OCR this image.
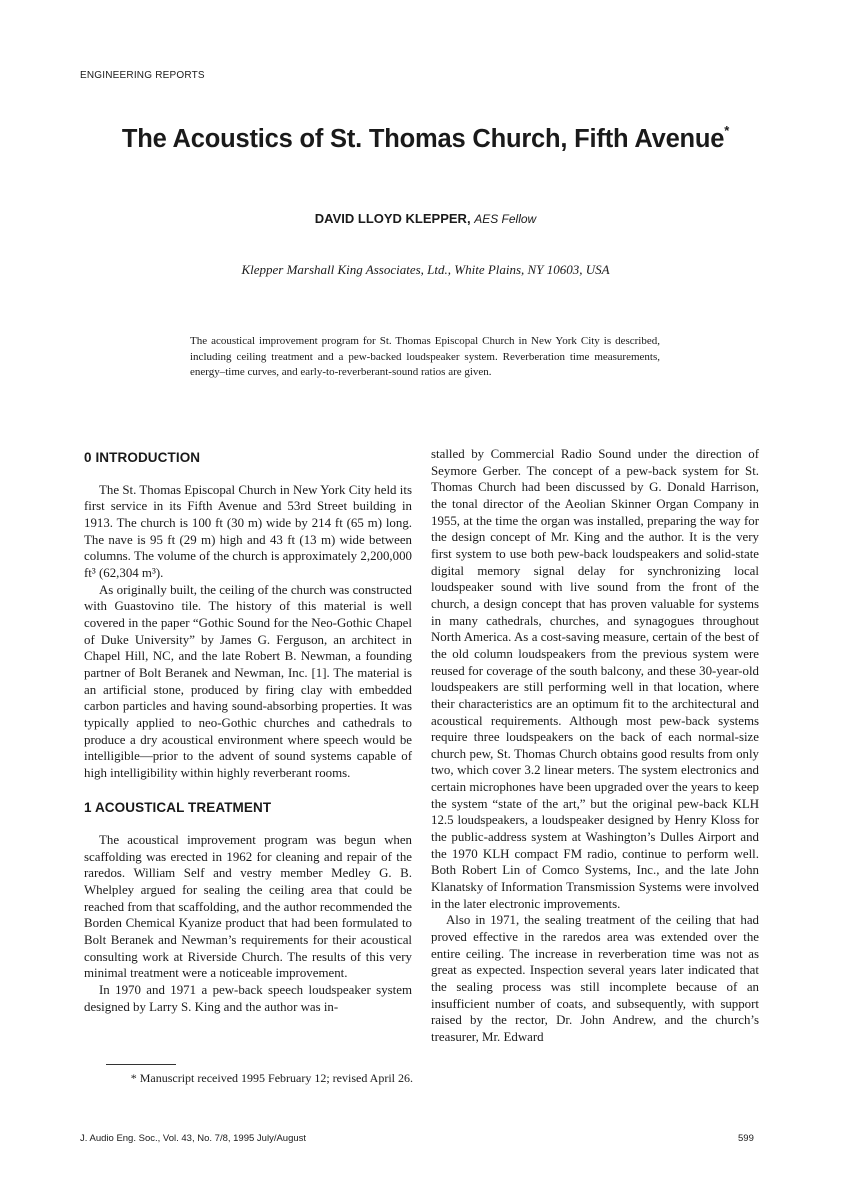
ENGINEERING REPORTS
The Acoustics of St. Thomas Church, Fifth Avenue*
DAVID LLOYD KLEPPER, AES Fellow
Klepper Marshall King Associates, Ltd., White Plains, NY 10603, USA
The acoustical improvement program for St. Thomas Episcopal Church in New York City is described, including ceiling treatment and a pew-backed loudspeaker system. Reverberation time measurements, energy–time curves, and early-to-reverberant-sound ratios are given.
0 INTRODUCTION

The St. Thomas Episcopal Church in New York City held its first service in its Fifth Avenue and 53rd Street building in 1913. The church is 100 ft (30 m) wide by 214 ft (65 m) long. The nave is 95 ft (29 m) high and 43 ft (13 m) wide between columns. The volume of the church is approximately 2,200,000 ft³ (62,304 m³).

As originally built, the ceiling of the church was constructed with Guastovino tile. The history of this material is well covered in the paper “Gothic Sound for the Neo-Gothic Chapel of Duke University” by James G. Ferguson, an architect in Chapel Hill, NC, and the late Robert B. Newman, a founding partner of Bolt Beranek and Newman, Inc. [1]. The material is an artificial stone, produced by firing clay with embedded carbon particles and having sound-absorbing properties. It was typically applied to neo-Gothic churches and cathedrals to produce a dry acoustical environment where speech would be intelligible—prior to the advent of sound systems capable of high intelligibility within highly reverberant rooms.

1 ACOUSTICAL TREATMENT

The acoustical improvement program was begun when scaffolding was erected in 1962 for cleaning and repair of the raredos. William Self and vestry member Medley G. B. Whelpley argued for sealing the ceiling area that could be reached from that scaffolding, and the author recommended the Borden Chemical Kyanize product that had been formulated to Bolt Beranek and Newman’s requirements for their acoustical consulting work at Riverside Church. The results of this very minimal treatment were a noticeable improvement.

In 1970 and 1971 a pew-back speech loudspeaker system designed by Larry S. King and the author was in-

stalled by Commercial Radio Sound under the direction of Seymore Gerber. The concept of a pew-back system for St. Thomas Church had been discussed by G. Donald Harrison, the tonal director of the Aeolian Skinner Organ Company in 1955, at the time the organ was installed, preparing the way for the design concept of Mr. King and the author. It is the very first system to use both pew-back loudspeakers and solid-state digital memory signal delay for synchronizing local loudspeaker sound with live sound from the front of the church, a design concept that has proven valuable for systems in many cathedrals, churches, and synagogues throughout North America. As a cost-saving measure, certain of the best of the old column loudspeakers from the previous system were reused for coverage of the south balcony, and these 30-year-old loudspeakers are still performing well in that location, where their characteristics are an optimum fit to the architectural and acoustical requirements. Although most pew-back systems require three loudspeakers on the back of each normal-size church pew, St. Thomas Church obtains good results from only two, which cover 3.2 linear meters. The system electronics and certain microphones have been upgraded over the years to keep the system “state of the art,” but the original pew-back KLH 12.5 loudspeakers, a loudspeaker designed by Henry Kloss for the public-address system at Washington’s Dulles Airport and the 1970 KLH compact FM radio, continue to perform well. Both Robert Lin of Comco Systems, Inc., and the late John Klanatsky of Information Transmission Systems were involved in the later electronic improvements.

Also in 1971, the sealing treatment of the ceiling that had proved effective in the raredos area was extended over the entire ceiling. The increase in reverberation time was not as great as expected. Inspection several years later indicated that the sealing process was still incomplete because of an insufficient number of coats, and subsequently, with support raised by the rector, Dr. John Andrew, and the church’s treasurer, Mr. Edward

* Manuscript received 1995 February 12; revised April 26.
J. Audio Eng. Soc., Vol. 43, No. 7/8, 1995 July/August	599
